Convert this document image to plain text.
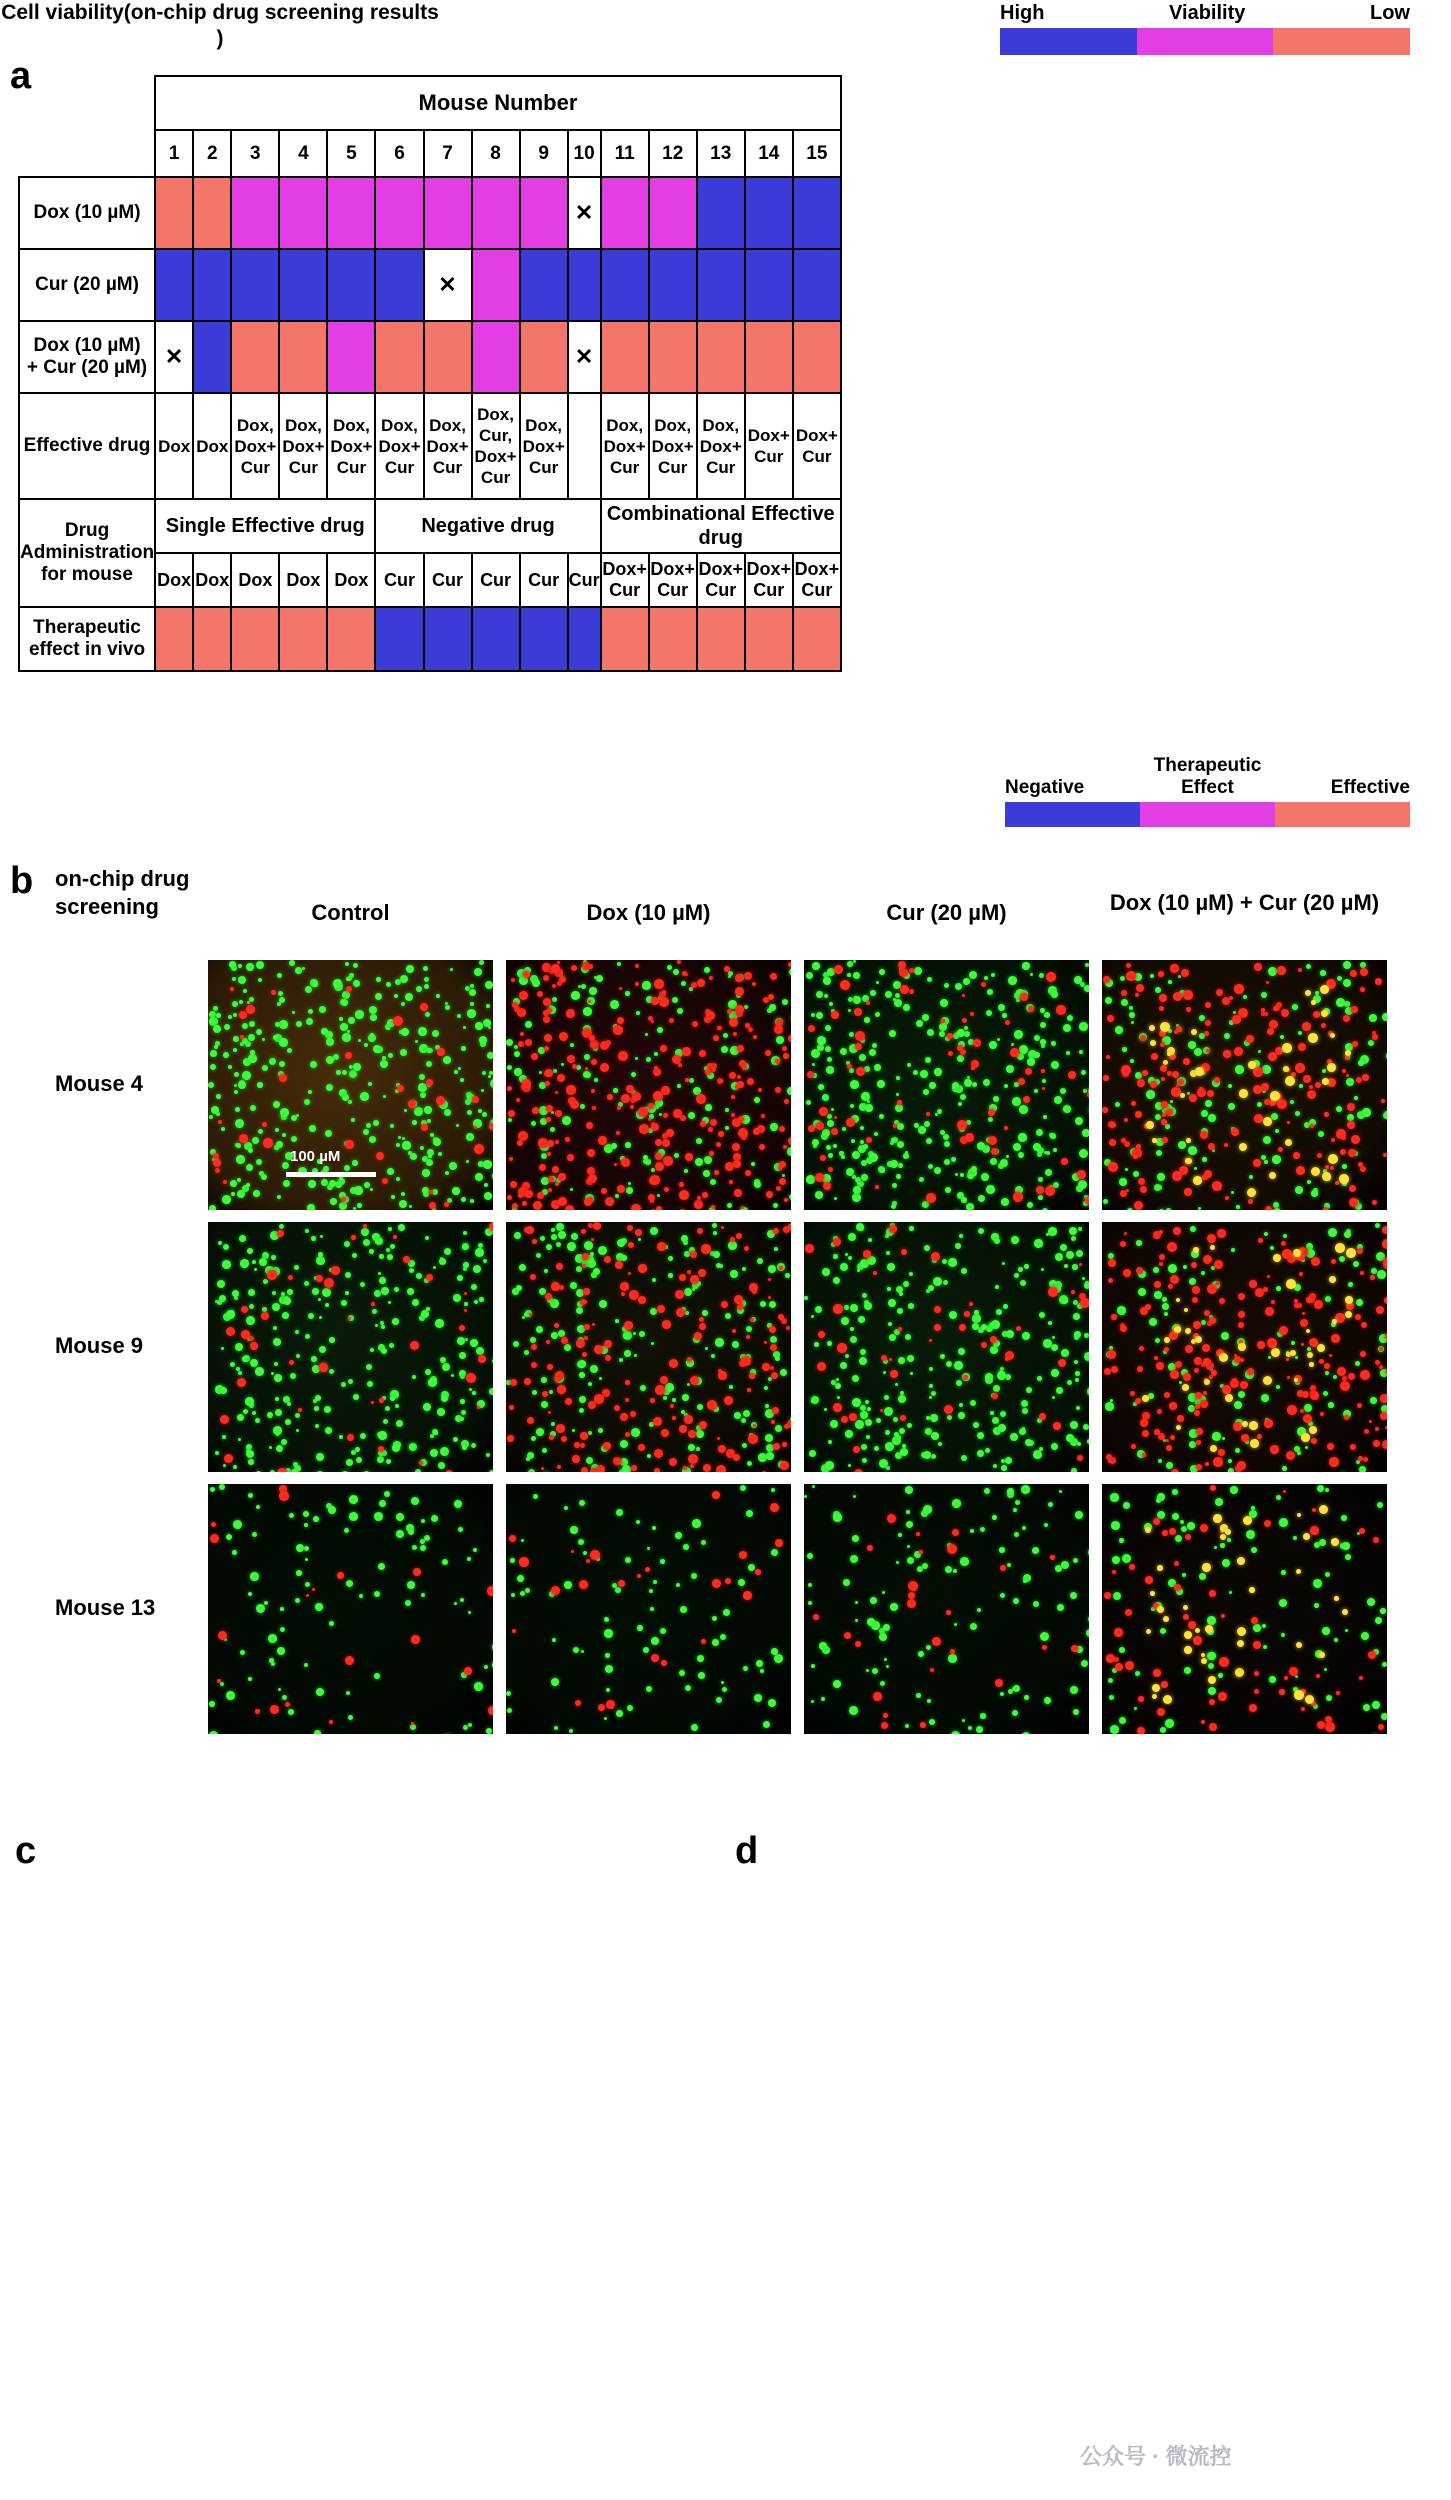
a
Cell viability(on-chip drug screening results )
High	Viability	Low
	Mouse Number														
	1	2	3	4	5	6	7	8	9	10	11	12	13	14	15
Dox (10 µM)										✕					
Cur (20 µM)							✕								
Dox (10 µM) + Cur (20 µM)	✕									✕					
Effective drug	Dox	Dox	Dox, Dox+ Cur	Dox, Dox+ Cur	Dox, Dox+ Cur	Dox, Dox+ Cur	Dox, Dox+ Cur	Dox, Cur, Dox+ Cur	Dox, Dox+ Cur		Dox, Dox+ Cur	Dox, Dox+ Cur	Dox, Dox+ Cur	Dox+ Cur	Dox+ Cur
Drug Administration for mouse	Single Effective drug					Negative drug					Combinational Effective drug				
	Dox	Dox	Dox	Dox	Dox	Cur	Cur	Cur	Cur	Cur	Dox+ Cur	Dox+ Cur	Dox+ Cur	Dox+ Cur	Dox+ Cur
Therapeutic effect in vivo															
Negative
Therapeutic Effect	Effective
b on-chip drug screening	Control	Dox (10 µM)	Cur (20 µM)	Dox (10 µM) + Cur (20 µM)
Mouse 4
Mouse 9
Mouse 13
100 µM
c	d
公众号 · 微流控
